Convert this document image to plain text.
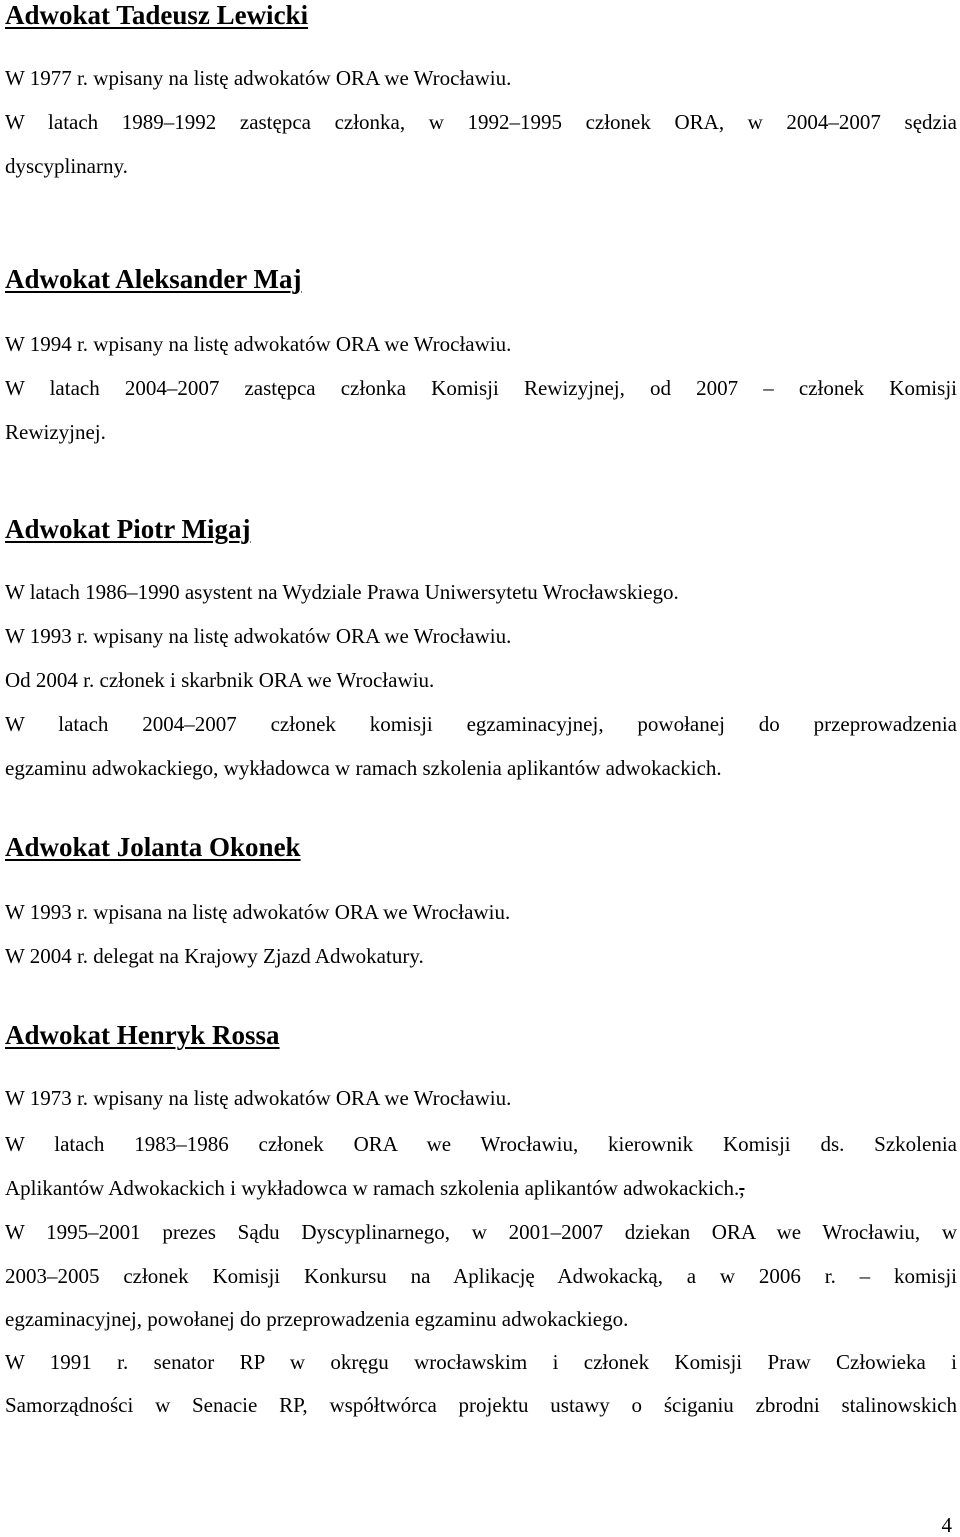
Adwokat Tadeusz Lewicki

W 1977 r. wpisany na listę adwokatów ORA we Wrocławiu.

W latach 1989–1992 zastępca członka, w 1992–1995 członek ORA, w 2004–2007 sędzia

dyscyplinarny.

Adwokat Aleksander Maj

W 1994 r. wpisany na listę adwokatów ORA we Wrocławiu.

W latach 2004–2007 zastępca członka Komisji Rewizyjnej, od 2007 – członek Komisji

Rewizyjnej.

Adwokat Piotr Migaj

W latach 1986–1990 asystent na Wydziale Prawa Uniwersytetu Wrocławskiego.

W 1993 r. wpisany na listę adwokatów ORA we Wrocławiu.

Od 2004 r. członek i skarbnik ORA we Wrocławiu.

W latach 2004–2007 członek komisji egzaminacyjnej, powołanej do przeprowadzenia

egzaminu adwokackiego, wykładowca w ramach szkolenia aplikantów adwokackich.

Adwokat Jolanta Okonek

W 1993 r. wpisana na listę adwokatów ORA we Wrocławiu.

W 2004 r. delegat na Krajowy Zjazd Adwokatury.

Adwokat Henryk Rossa

W 1973 r. wpisany na listę adwokatów ORA we Wrocławiu.

W latach 1983–1986 członek ORA we Wrocławiu, kierownik Komisji ds. Szkolenia

Aplikantów Adwokackich i wykładowca w ramach szkolenia aplikantów adwokackich.,

W 1995–2001 prezes Sądu Dyscyplinarnego, w 2001–2007 dziekan ORA we Wrocławiu, w

2003–2005 członek Komisji Konkursu na Aplikację Adwokacką, a w 2006 r. – komisji

egzaminacyjnej, powołanej do przeprowadzenia egzaminu adwokackiego.

W 1991 r. senator RP w okręgu wrocławskim i członek Komisji Praw Człowieka i

Samorządności w Senacie RP, współtwórca projektu ustawy o ściganiu zbrodni stalinowskich

4
